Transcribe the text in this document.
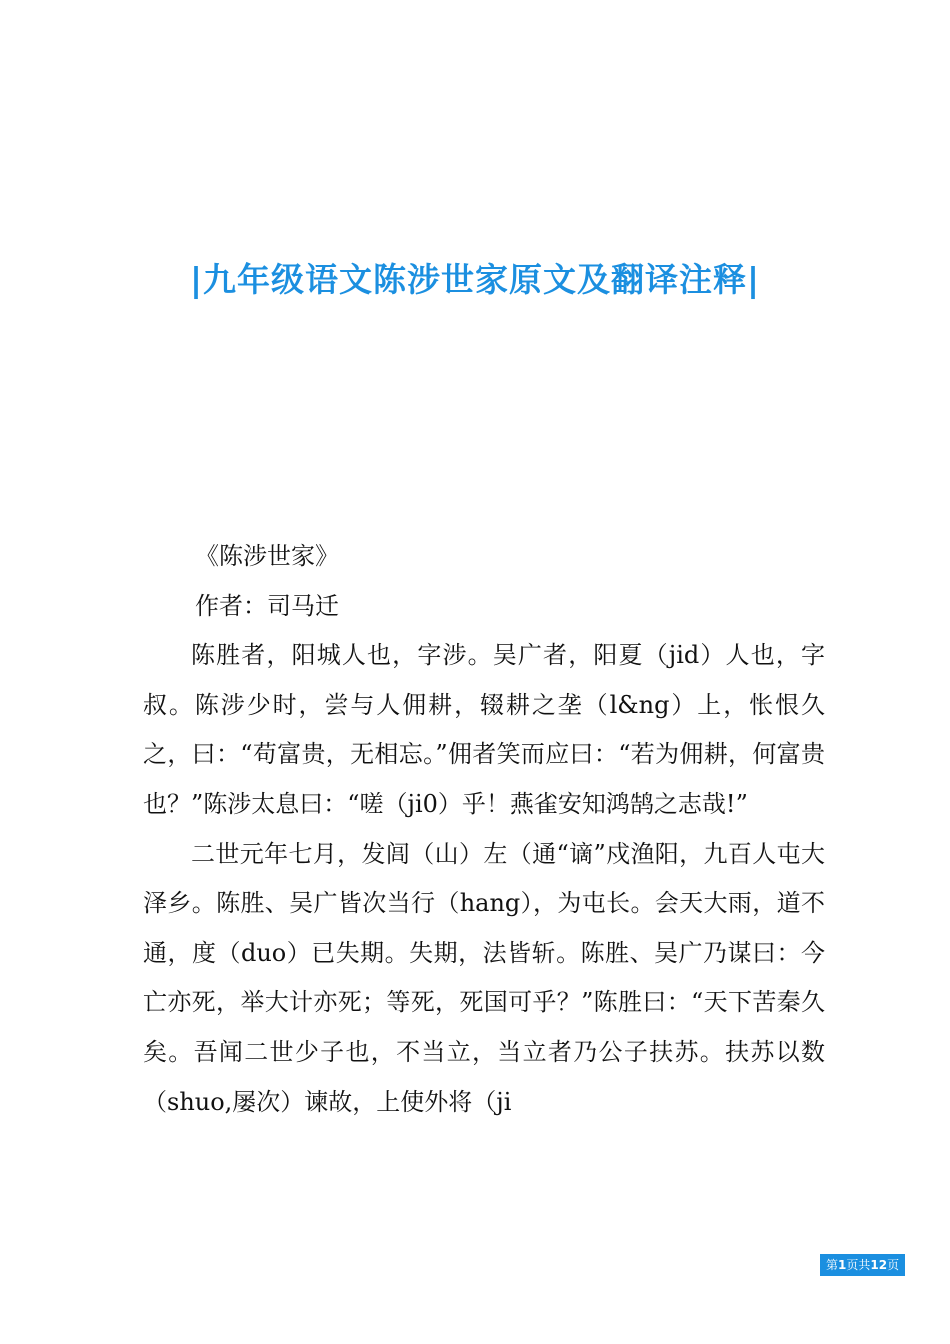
|九年级语文陈涉世家原文及翻译注释|

《陈涉世家》

作者：司马迁

陈胜者，阳城人也，字涉。吴广者，阳夏（jid）人也，字叔。陈涉少时，尝与人佣耕，辍耕之垄（l&ng）上，怅恨久之，曰：“苟富贵，无相忘。”佣者笑而应曰：“若为佣耕，何富贵也？”陈涉太息曰：“嗟（ji0）乎！燕雀安知鸿鹄之志哉!”

二世元年七月，发闾（山）左（通“谪”戍渔阳，九百人屯大泽乡。陈胜、吴广皆次当行（hang），为屯长。会天大雨，道不通，度（duo）已失期。失期，法皆斩。陈胜、吴广乃谋曰：今亡亦死，举大计亦死；等死，死国可乎？”陈胜曰：“天下苦秦久矣。吾闻二世少子也，不当立，当立者乃公子扶苏。扶苏以数（shuo,屡次）谏故，上使外将（ji

第1页共12页
